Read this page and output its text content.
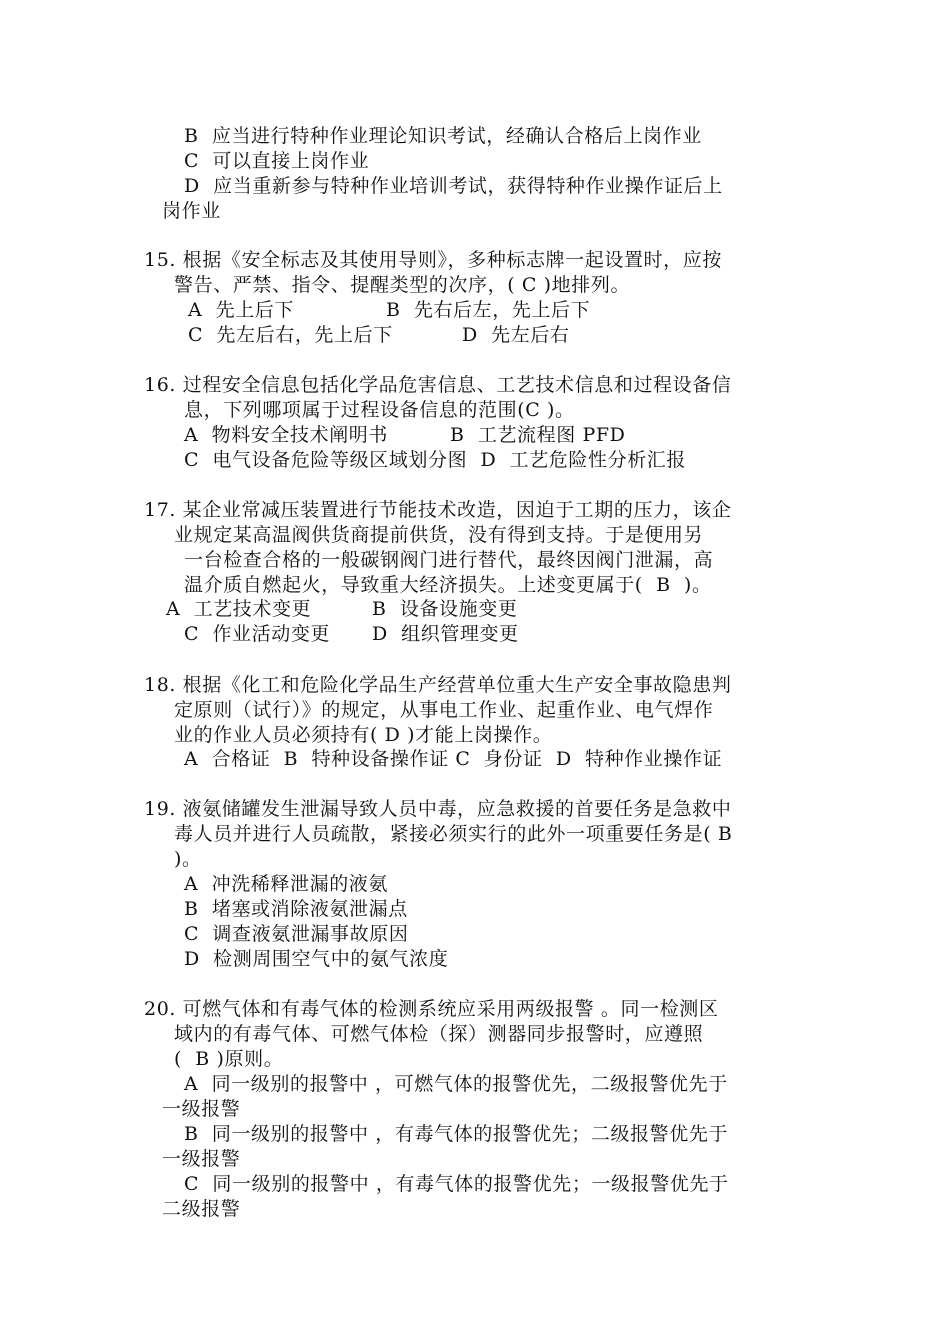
B  应当进行特种作业理论知识考试，经确认合格后上岗作业
C  可以直接上岗作业
D  应当重新参与特种作业培训考试，获得特种作业操作证后上
岗作业
15. 根据《安全标志及其使用导则》，多种标志牌一起设置时，应按
警告、严禁、指令、提醒类型的次序，( C )地排列。
A  先上后下	B  先右后左，先上后下
C  先左后右，先上后下	D  先左后右
16. 过程安全信息包括化学品危害信息、工艺技术信息和过程设备信
息，下列哪项属于过程设备信息的范围(C )。
A  物料安全技术阐明书	B  工艺流程图 PFD
C  电气设备危险等级区域划分图  D  工艺危险性分析汇报
17. 某企业常减压装置进行节能技术改造，因迫于工期的压力，该企
业规定某高温阀供货商提前供货，没有得到支持。于是便用另
一台检查合格的一般碳钢阀门进行替代，最终因阀门泄漏，高
温介质自燃起火，导致重大经济损失。上述变更属于(  B  )。
A  工艺技术变更	B  设备设施变更
C  作业活动变更 D  组织管理变更
18. 根据《化工和危险化学品生产经营单位重大生产安全事故隐患判
定原则（试行）》的规定，从事电工作业、起重作业、电气焊作
业的作业人员必须持有( D )才能上岗操作。
A  合格证  B  特种设备操作证 C  身份证  D  特种作业操作证
19. 液氨储罐发生泄漏导致人员中毒，应急救援的首要任务是急救中
毒人员并进行人员疏散，紧接必须实行的此外一项重要任务是( B
)。
A  冲洗稀释泄漏的液氨
B  堵塞或消除液氨泄漏点
C  调查液氨泄漏事故原因
D  检测周围空气中的氨气浓度
20. 可燃气体和有毒气体的检测系统应采用两级报警 。同一检测区
域内的有毒气体、可燃气体检（探）测器同步报警时，应遵照
(  B )原则。
A  同一级别的报警中 ，可燃气体的报警优先，二级报警优先于
一级报警
B  同一级别的报警中 ，有毒气体的报警优先；二级报警优先于
一级报警
C  同一级别的报警中 ，有毒气体的报警优先；一级报警优先于
二级报警
